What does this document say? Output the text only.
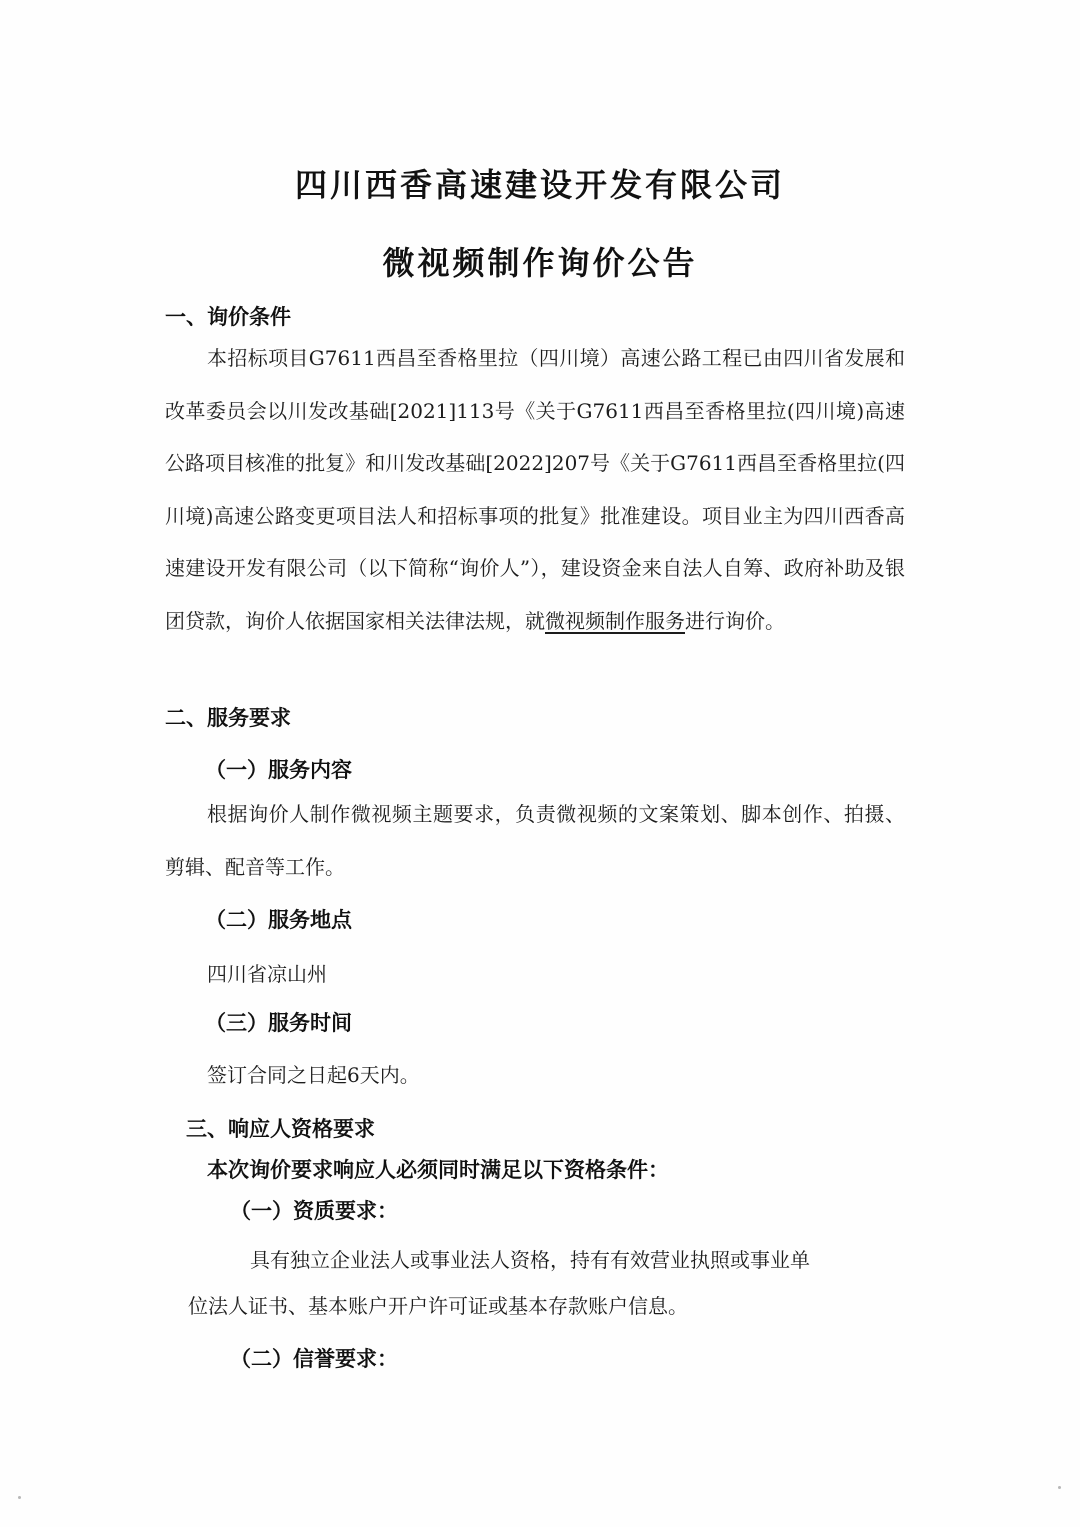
四川西香高速建设开发有限公司
微视频制作询价公告
一、询价条件
本招标项目G7611西昌至香格里拉（四川境）高速公路工程已由四川省发展和改革委员会以川发改基础[2021]113号《关于G7611西昌至香格里拉(四川境)高速公路项目核准的批复》和川发改基础[2022]207号《关于G7611西昌至香格里拉(四川境)高速公路变更项目法人和招标事项的批复》批准建设。项目业主为四川西香高速建设开发有限公司（以下简称“询价人”），建设资金来自法人自筹、政府补助及银团贷款，询价人依据国家相关法律法规，就微视频制作服务进行询价。
二、服务要求
（一）服务内容
根据询价人制作微视频主题要求，负责微视频的文案策划、脚本创作、拍摄、剪辑、配音等工作。
（二）服务地点
四川省凉山州
（三）服务时间
签订合同之日起6天内。
三、响应人资格要求
本次询价要求响应人必须同时满足以下资格条件：
（一）资质要求：
具有独立企业法人或事业法人资格，持有有效营业执照或事业单
位法人证书、基本账户开户许可证或基本存款账户信息。
（二）信誉要求：
